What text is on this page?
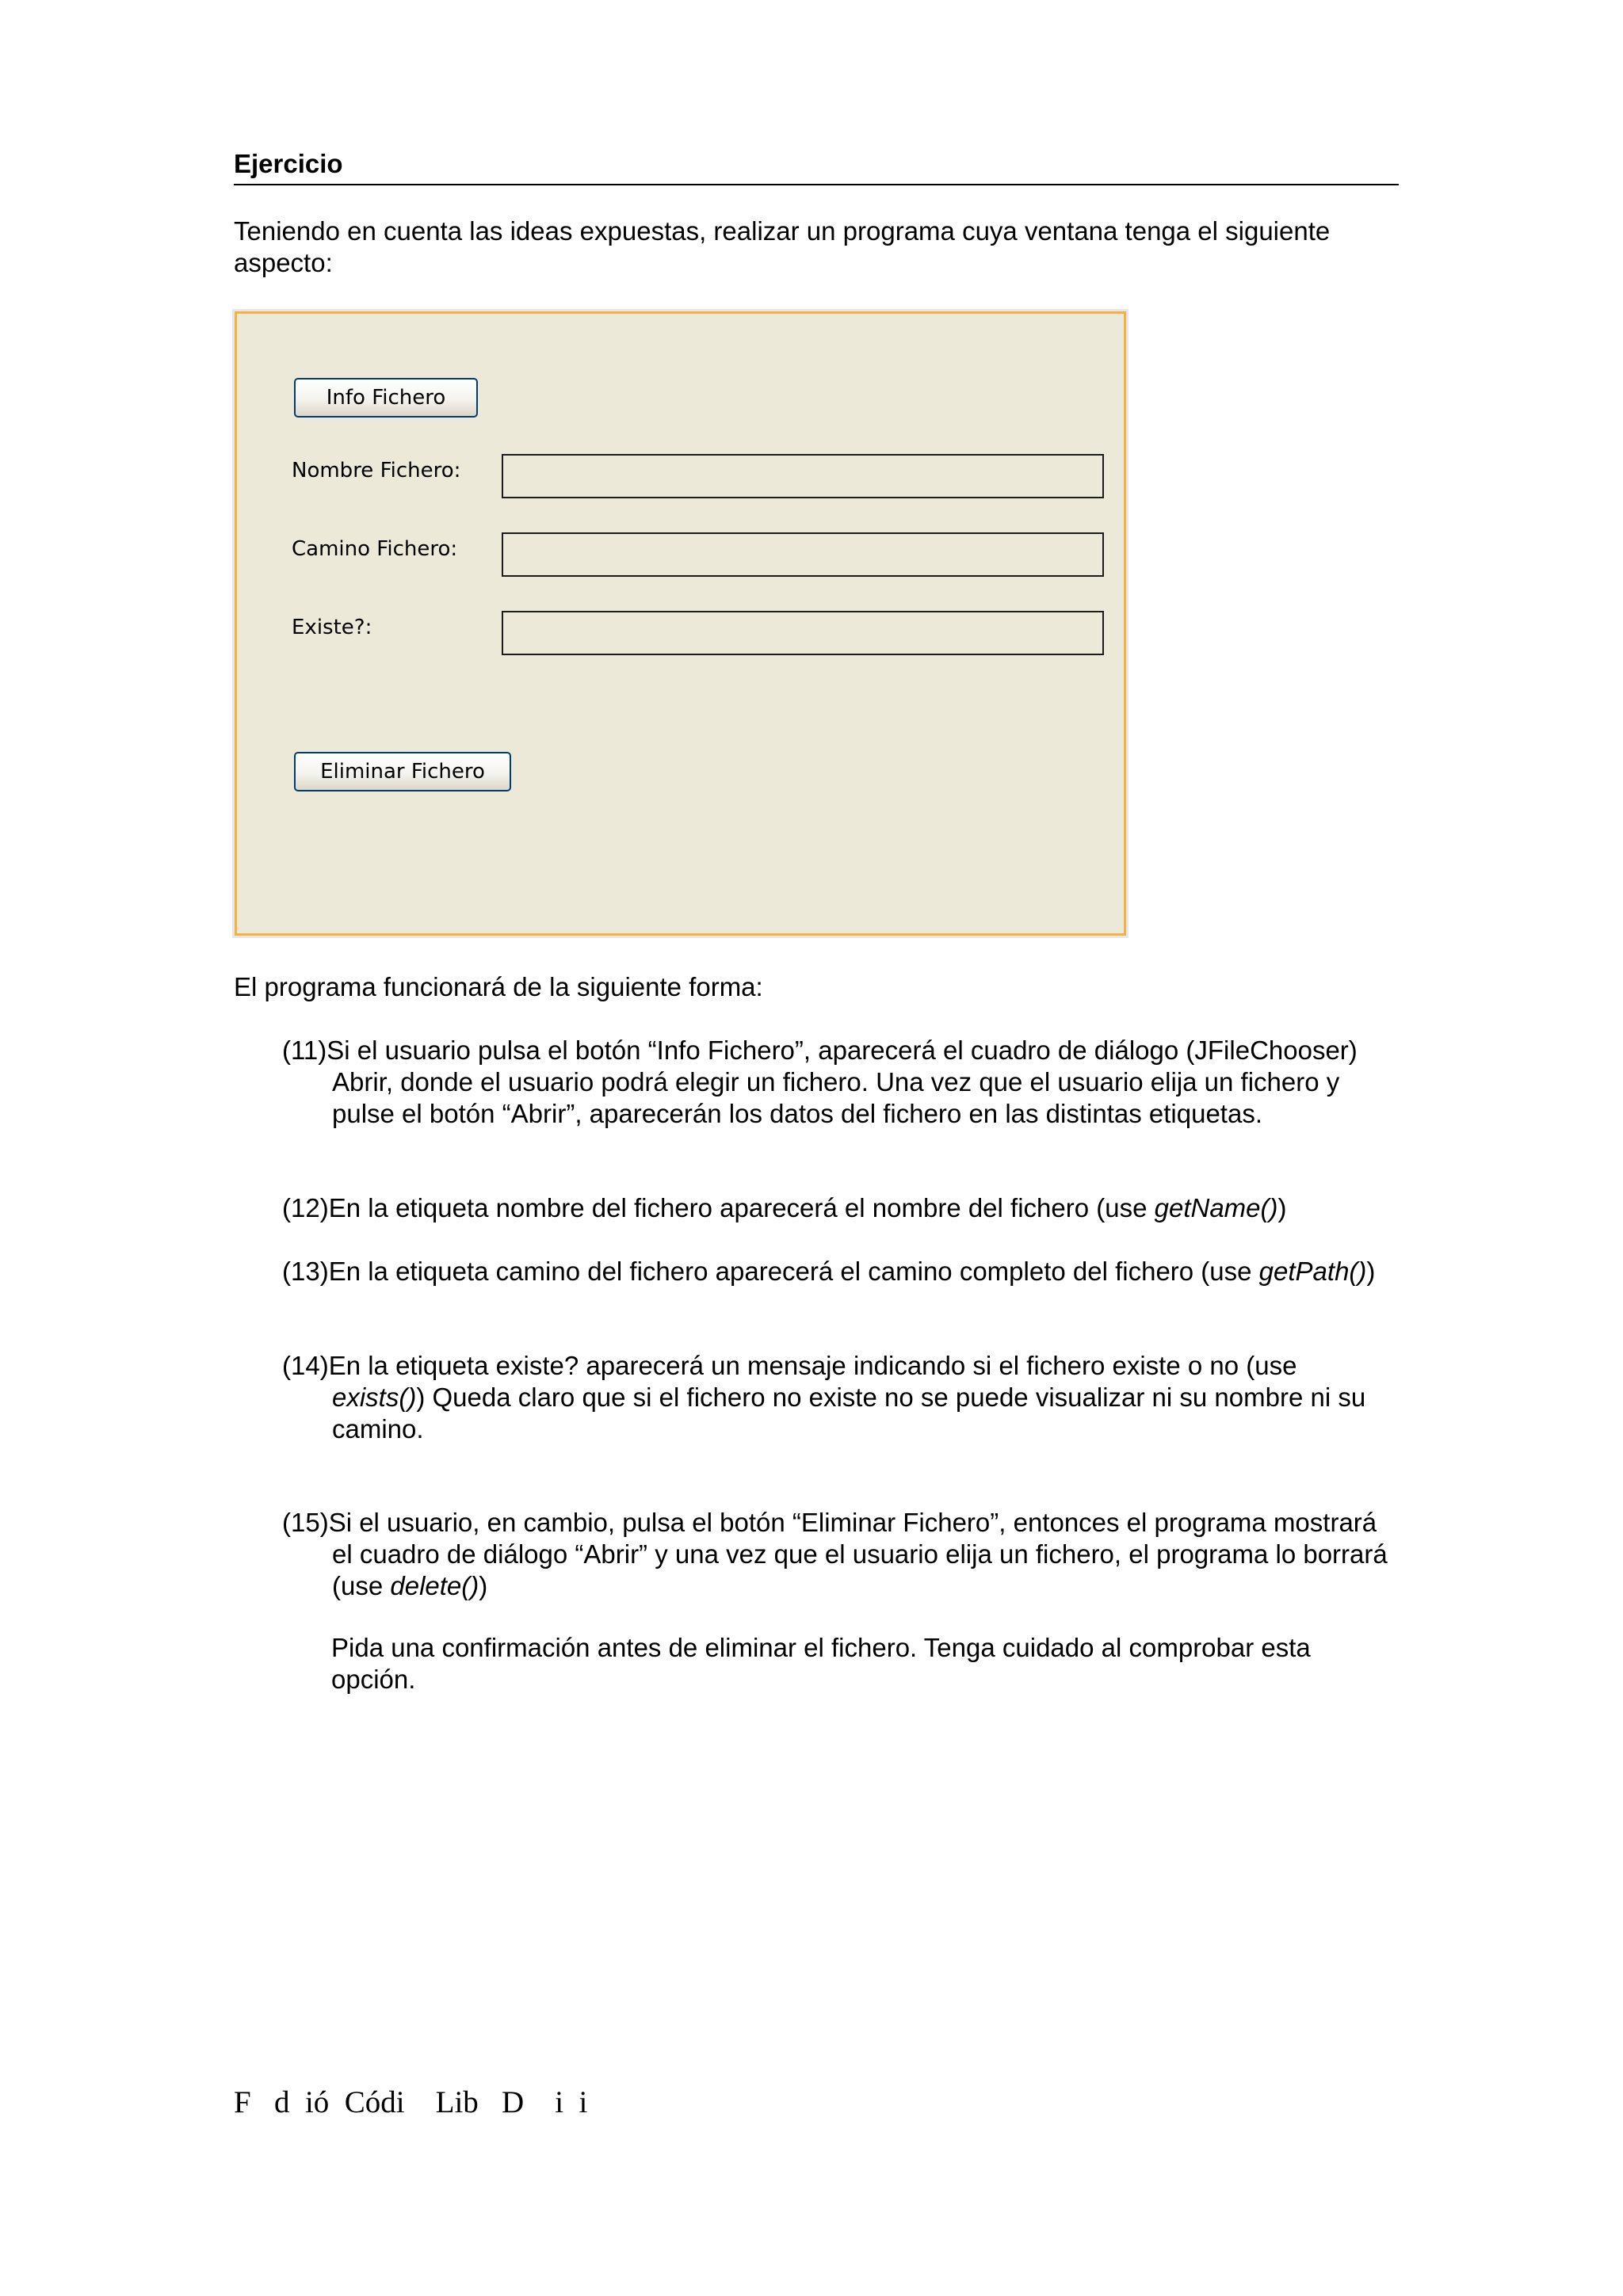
Ejercicio
Teniendo en cuenta las ideas expuestas, realizar un programa cuya ventana tenga el siguiente aspecto:
Info Fichero
Nombre Fichero:
Camino Fichero:
Existe?:
Eliminar Fichero
El programa funcionará de la siguiente forma:
(11)Si el usuario pulsa el botón “Info Fichero”, aparecerá el cuadro de diálogo (JFileChooser) Abrir, donde el usuario podrá elegir un fichero. Una vez que el usuario elija un fichero y pulse el botón “Abrir”, aparecerán los datos del fichero en las distintas etiquetas.
(12)En la etiqueta nombre del fichero aparecerá el nombre del fichero (use getName())
(13)En la etiqueta camino del fichero aparecerá el camino completo del fichero (use getPath())
(14)En la etiqueta existe? aparecerá un mensaje indicando si el fichero existe o no (use exists()) Queda claro que si el fichero no existe no se puede visualizar ni su nombre ni su camino.
(15)Si el usuario, en cambio, pulsa el botón “Eliminar Fichero”, entonces el programa mostrará el cuadro de diálogo “Abrir” y una vez que el usuario elija un fichero, el programa lo borrará (use delete())
Pida una confirmación antes de eliminar el fichero. Tenga cuidado al comprobar esta opción.
F   d  ió  Códi    Lib   D    i  i
